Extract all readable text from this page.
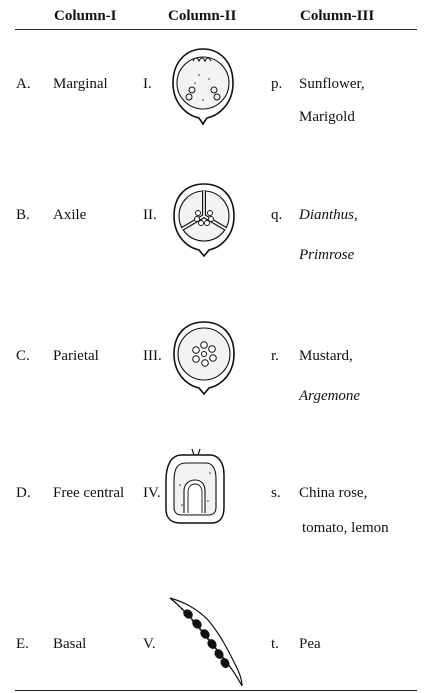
Column-I	Column-II	Column-III
A. Marginal I.	p. Sunflower,
Marigold
B. Axile	II.	q. Dianthus,
Primrose
C. Parietal	III.	r. Mustard,
Argemone
D. Free central IV.	s. China rose,
tomato, lemon
E. Basal	V.	t. Pea
